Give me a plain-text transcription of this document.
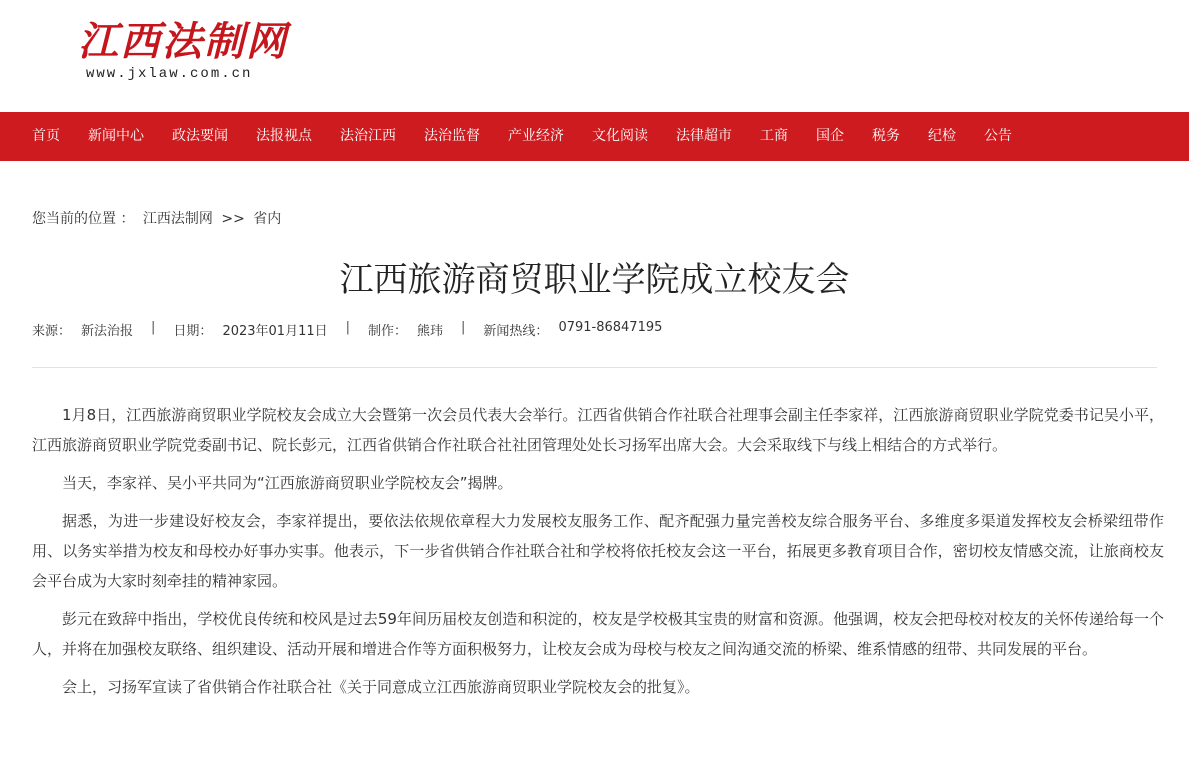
江西法制网
www.jxlaw.com.cn
首页	新闻中心	政法要闻	法报视点	法治江西	法治监督	产业经济	文化阅读	法律超市	工商	国企	税务	纪检	公告
您当前的位置 ： 江西法制网 >> 省内
江西旅游商贸职业学院成立校友会
来源： 新法治报 | 日期： 2023年01月11日 | 制作： 熊玮 | 新闻热线： 0791-86847195

1月8日，江西旅游商贸职业学院校友会成立大会暨第一次会员代表大会举行。江西省供销合作社联合社理事会副主任李家祥，江西旅游商贸职业学院党委书记吴小平，江西旅游商贸职业学院党委副书记、院长彭元，江西省供销合作社联合社社团管理处处长习扬军出席大会。大会采取线下与线上相结合的方式举行。

当天，李家祥、吴小平共同为“江西旅游商贸职业学院校友会”揭牌。

据悉，为进一步建设好校友会，李家祥提出，要依法依规依章程大力发展校友服务工作、配齐配强力量完善校友综合服务平台、多维度多渠道发挥校友会桥梁纽带作用、以务实举措为校友和母校办好事办实事。他表示，下一步省供销合作社联合社和学校将依托校友会这一平台，拓展更多教育项目合作，密切校友情感交流，让旅商校友会平台成为大家时刻牵挂的精神家园。

彭元在致辞中指出，学校优良传统和校风是过去59年间历届校友创造和积淀的，校友是学校极其宝贵的财富和资源。他强调，校友会把母校对校友的关怀传递给每一个人，并将在加强校友联络、组织建设、活动开展和增进合作等方面积极努力，让校友会成为母校与校友之间沟通交流的桥梁、维系情感的纽带、共同发展的平台。

会上，习扬军宣读了省供销合作社联合社《关于同意成立江西旅游商贸职业学院校友会的批复》。
